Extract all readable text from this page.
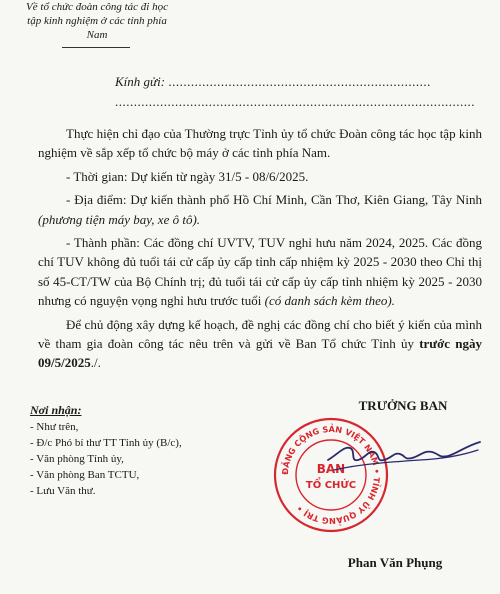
Về tổ chức đoàn công tác đi học tập kinh nghiệm ở các tỉnh phía Nam
Kính gửi: ......................................................................
................................................................................................

Thực hiện chỉ đạo của Thường trực Tỉnh ủy tổ chức Đoàn công tác học tập kinh nghiệm về sắp xếp tổ chức bộ máy ở các tỉnh phía Nam.

- Thời gian: Dự kiến từ ngày 31/5 - 08/6/2025.

- Địa điểm: Dự kiến thành phố Hồ Chí Minh, Cần Thơ, Kiên Giang, Tây Ninh (phương tiện máy bay, xe ô tô).

- Thành phần: Các đồng chí UVTV, TUV nghỉ hưu năm 2024, 2025. Các đồng chí TUV không đủ tuổi tái cử cấp ủy cấp tỉnh cấp nhiệm kỳ 2025 - 2030 theo Chỉ thị số 45-CT/TW của Bộ Chính trị; đủ tuổi tái cử cấp ủy cấp tỉnh nhiệm kỳ 2025 - 2030 nhưng có nguyện vọng nghỉ hưu trước tuổi (có danh sách kèm theo).

Để chủ động xây dựng kế hoạch, đề nghị các đồng chí cho biết ý kiến của mình về tham gia đoàn công tác nêu trên và gửi về Ban Tổ chức Tỉnh ủy trước ngày 09/5/2025./.

Nơi nhận:
- Như trên,
- Đ/c Phó bí thư TT Tỉnh ủy (B/c),
- Văn phòng Tỉnh ủy,
- Văn phòng Ban TCTU,
- Lưu Văn thư.
TRƯỞNG BAN
ĐẢNG CỘNG SẢN VIỆT NAM • TỈNH ỦY QUẢNG TRỊ •
BAN
TỔ CHỨC
Phan Văn Phụng
